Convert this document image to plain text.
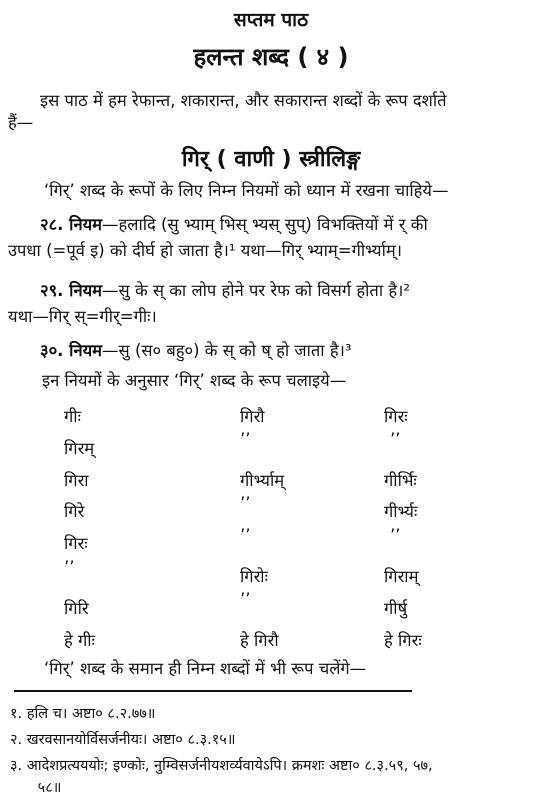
सप्तम पाठ
हलन्त शब्द ( ४ )
इस पाठ में हम रेफान्त, शकारान्त, और सकारान्त शब्दों के रूप दर्शाते
हैं—
गिर् ( वाणी ) स्त्रीलिङ्ग
‘गिर्’ शब्द के रूपों के लिए निम्न नियमों को ध्यान में रखना चाहिये—
२८. नियम—हलादि (सु भ्याम् भिस् भ्यस् सुप्) विभक्तियों में र् की
उपधा (=पूर्व इ) को दीर्घ हो जाता है।¹ यथा—गिर् भ्याम्=गीर्भ्याम्।
२९. नियम—सु के स् का लोप होने पर रेफ को विसर्ग होता है।²
यथा—गिर् स्=गीर्=गीः।
३०. नियम—सु (स० बहु०) के स् को ष् हो जाता है।³
इन नियमों के अनुसार ‘गिर्’ शब्द के रूप चलाइये—
गीः	गिरौ	गिरः
गिरम्	’’	’’
गिरा	गीर्भ्याम्	गीर्भिः
गिरे	’’	गीर्भ्यः
गिरः	’’	’’
’’	गिरोः	गिराम्
गिरि	’’	गीर्षु
हे गीः	हे गिरौ	हे गिरः
‘गिर्’ शब्द के समान ही निम्न शब्दों में भी रूप चलेंगे—
१. हलि च। अष्टा० ८.२.७७॥
२. खरवसानयोर्विसर्जनीयः। अष्टा० ८.३.१५॥
३. आदेशप्रत्यययोः; इण्कोः, नुम्विसर्जनीयशर्व्यवायेऽपि। क्रमशः अष्टा० ८.३.५९, ५७,
५८॥
